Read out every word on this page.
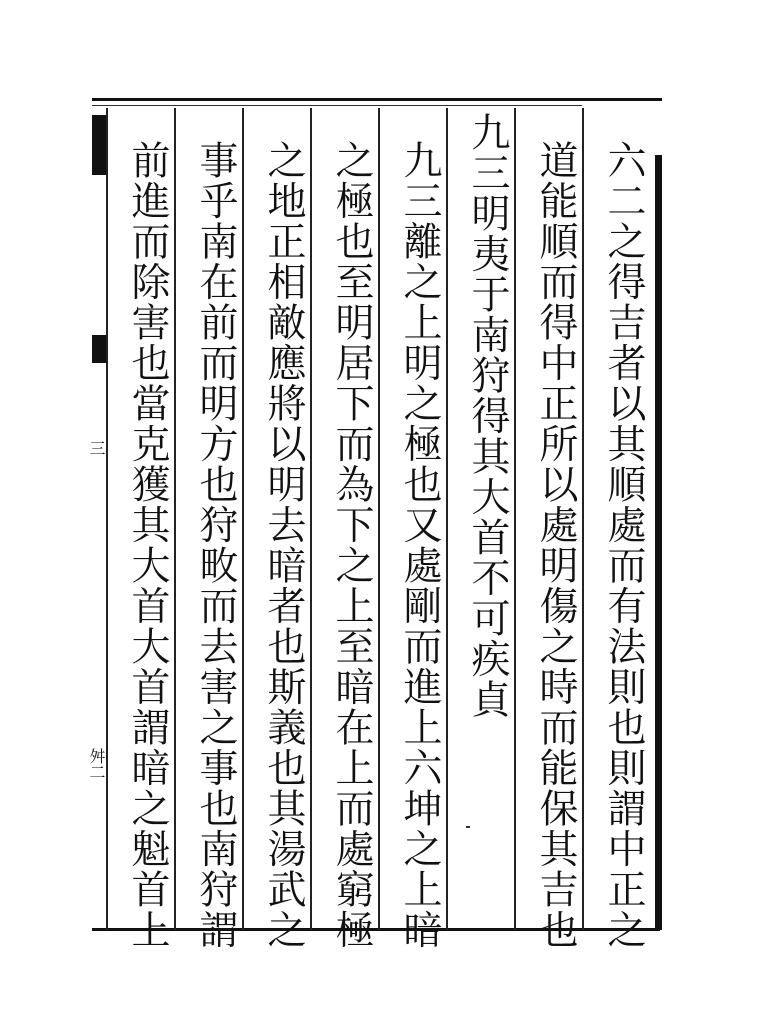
三
舛二	六二之得吉者以其順處而有法則也則謂中正之
道能順而得中正所以處明傷之時而能保其吉也
九三明夷于南狩得其大首不可疾貞
九三離之上明之極也又處剛而進上六坤之上暗
之極也至明居下而為下之上至暗在上而處窮極
之地正相敵應將以明去暗者也斯義也其湯武之
事乎南在前而明方也狩畋而去害之事也南狩謂
前進而除害也當克獲其大首大首謂暗之魁首上
